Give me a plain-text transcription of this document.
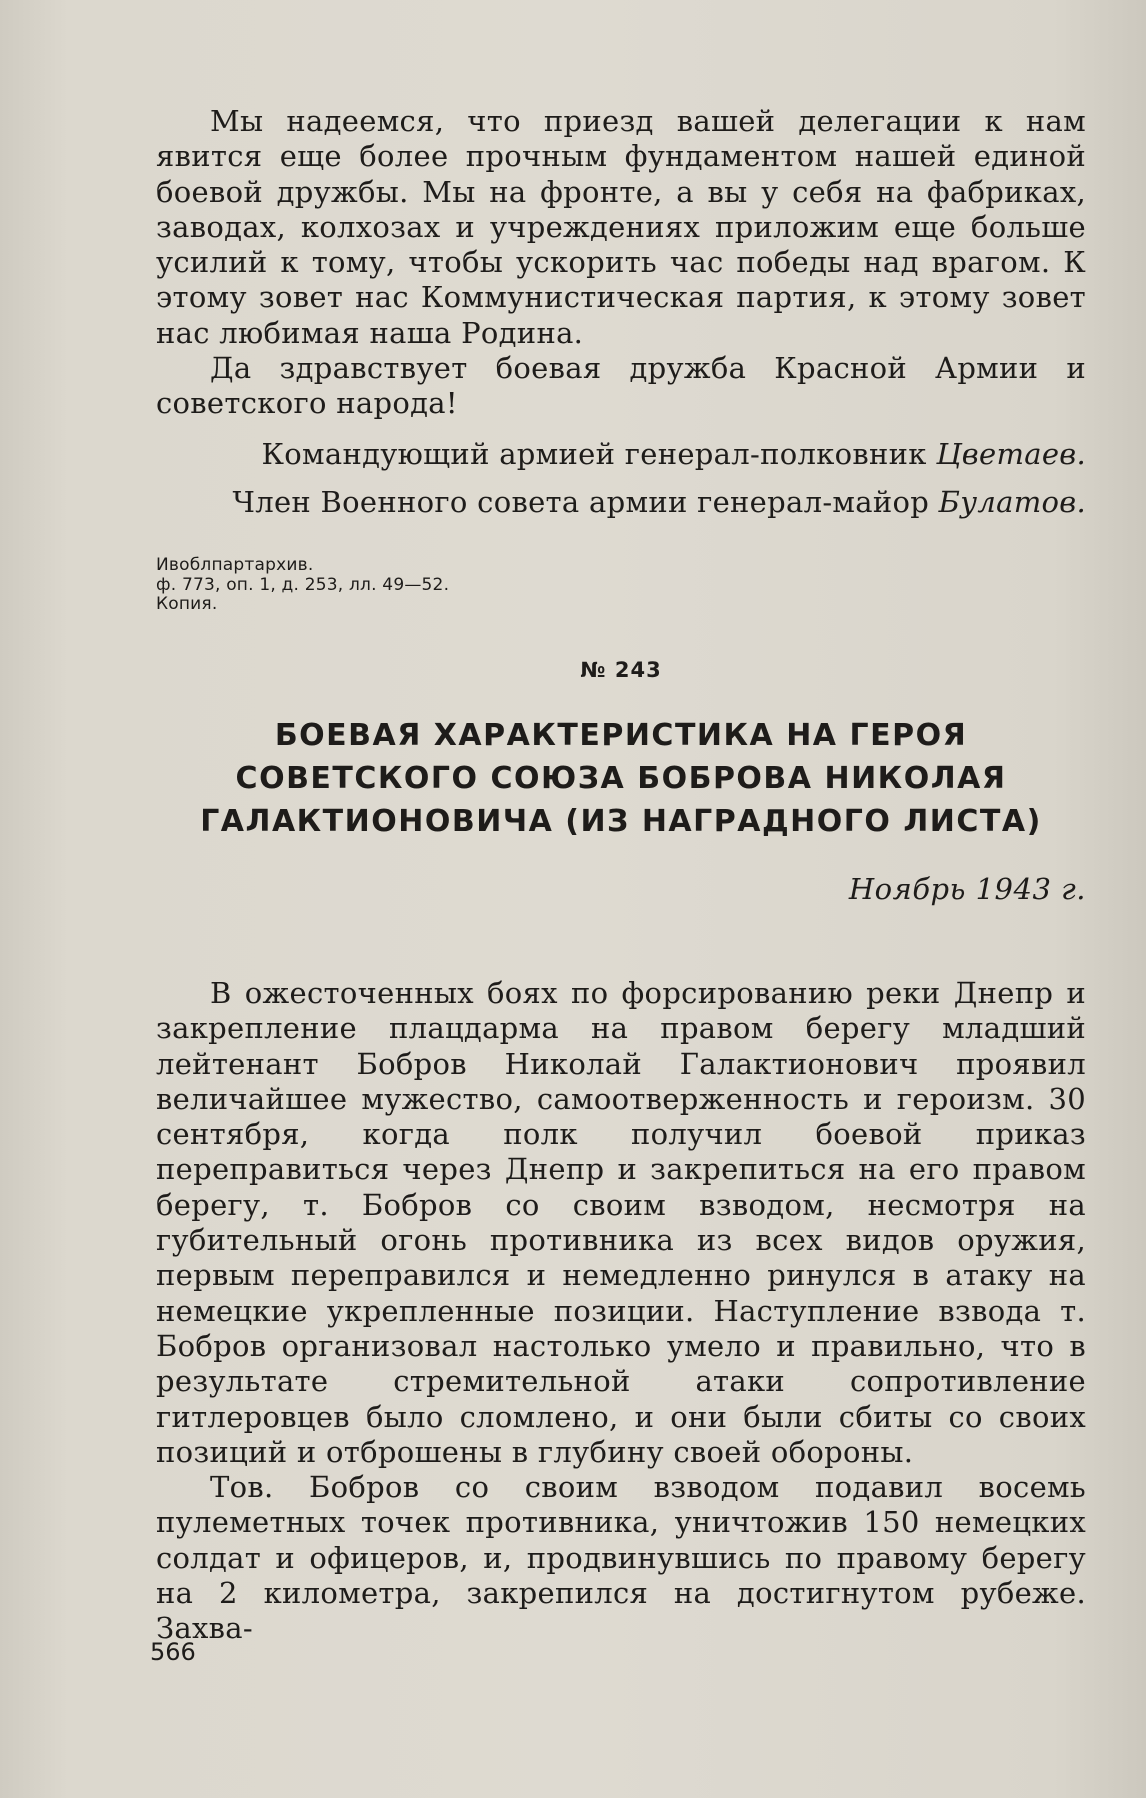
Мы надеемся, что приезд вашей делегации к нам явится еще более прочным фундаментом нашей единой боевой дружбы. Мы на фронте, а вы у себя на фабриках, заводах, колхозах и учреждениях приложим еще больше усилий к тому, чтобы ускорить час победы над врагом. К этому зовет нас Коммунистическая партия, к этому зовет нас любимая наша Родина.

Да здравствует боевая дружба Красной Армии и советского народа!

Командующий армией генерал-полковник Цветаев.

Член Военного совета армии генерал-майор Булатов.

Ивоблпартархив.

ф. 773, оп. 1, д. 253, лл. 49—52.

Копия.

№ 243

БОЕВАЯ ХАРАКТЕРИСТИКА НА ГЕРОЯ

СОВЕТСКОГО СОЮЗА БОБРОВА НИКОЛАЯ

ГАЛАКТИОНОВИЧА (ИЗ НАГРАДНОГО ЛИСТА)

Ноябрь 1943 г.

В ожесточенных боях по форсированию реки Днепр и закрепление плацдарма на правом берегу младший лейтенант Бобров Николай Галактионович проявил величайшее мужество, самоотверженность и героизм. 30 сентября, когда полк получил боевой приказ переправиться через Днепр и закрепиться на его правом берегу, т. Бобров со своим взводом, несмотря на губительный огонь противника из всех видов оружия, первым переправился и немедленно ринулся в атаку на немецкие укрепленные позиции. Наступление взвода т. Бобров организовал настолько умело и правильно, что в результате стремительной атаки сопротивление гитлеровцев было сломлено, и они были сбиты со своих позиций и отброшены в глубину своей обороны.

Тов. Бобров со своим взводом подавил восемь пулеметных точек противника, уничтожив 150 немецких солдат и офицеров, и, продвинувшись по правому берегу на 2 километра, закрепился на достигнутом рубеже. Захва-

566
